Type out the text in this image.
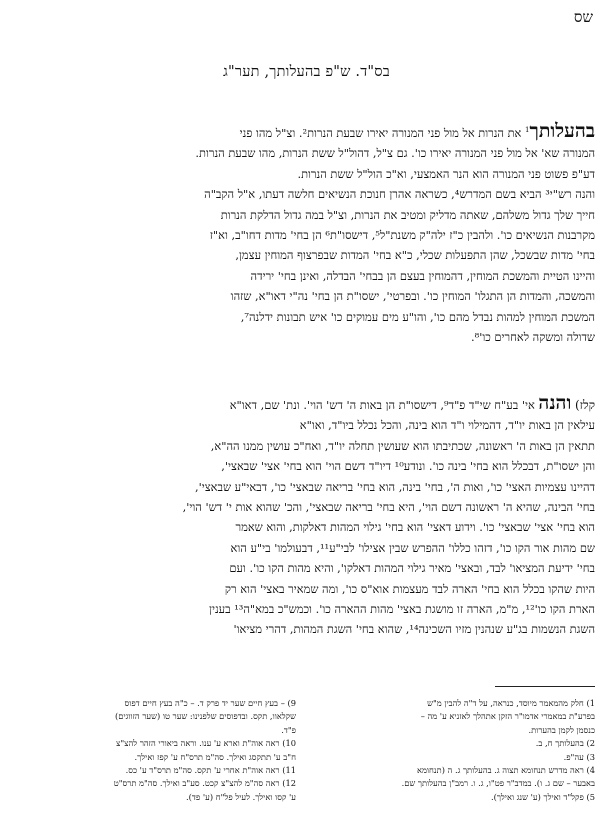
שס
בס"ד. ש"פ בהעלותך, תער"ג
בהעלותך$^1$ את הנרות אל מול פני המנורה יאירו שבעת הנרות². וצ"ל מהו פני
המנורה שא' אל מול פני המנורה יאירו כו'. גם צ"ל, דהול"ל ששת הנרות, מהו שבעת הנרות.
דע"פ פשוט פני המנורה הוא הנר האמצעי, וא"כ הול"ל ששת הנרות.
והנה רש"י³ הביא בשם המדרש⁴, כשראה אהרן חנוכת הנשיאים חלשה דעתו, א"ל הקב"ה
חייך שלך גדול משלהם, שאתה מדליק ומטיב את הנרות, וצ"ל במה גדול הדלקת הנרות
מקרבנות הנשיאים כו'. ולהבין כ"ז ילה"ק משנת"ל⁵, דישסו"ת⁶ הן בחי' מדות דחו"ב, וא"ז
בחי' מדות שבשכל, שהן התפעלות שכלי, כ"א בחי' המדות שבפרצוף המוחין עצמן,
והיינו הטיית והמשכת המוחין, דהמוחין בעצם הן בבחי' הבדלה, ואינן בחי' ירידה
והמשכה, והמדות הן התגלו' המוחין כו'. ובפרטי', ישסו"ת הן בחי' נה"י דאו"א, שזהו
המשכת המוחין למהות נבדל מהם כו', והו"ע מים עמוקים כו' איש תבונות ידלנה⁷,
שדולה ומשקה לאחרים כו'⁸.
קלז) והנה אי' בע"ח שי"ד פ"ד⁹, דישסו"ת הן באות ה' דש' הוי'. ונת' שם, דאו"א
עילאין הן באות יו"ד, דהמילוי ו"ד הוא בינה, והכל נכלל ביו"ד, ואו"א
תתאין הן באות ה' ראשונה, שכתיבתו הוא שעושין תחלה יו"ד, ואח"כ עושין ממנו הה"א,
והן ישסו"ת, דבכלל הוא בחי' בינה כו'. ונודע¹⁰ דיו"ד דשם הוי' הוא בחי' אצי' שבאצי',
דהיינו עצמיות האצי' כו', ואות ה', בחי' בינה, הוא בחי' בריאה שבאצי' כו', דבאי"ע שבאצי',
בחי' הבינה, שהיא ה' ראשונה דשם הוי', היא בחי' בריאה שבאצי', והכ' שהוא אות י' דש' הוי',
הוא בחי' אצי' שבאצי' כו'. וידוע דאצי' הוא בחי' גילוי המהות דאלקות, והוא שאמר
שם מהות אור הקו כו', דזהו כללו' ההפרש שבין אצילו' לבי"ע¹¹, דבעולמו' בי"ע הוא
בחי' ידיעת המציאו' לבד, ובאצי' מאיר גילוי המהות דאלקו', והיא מהות הקו כו'. ועם
היות שהקו בכלל הוא בחי' הארה לבד מעצמות אוא"ס כו', ומה שמאיר באצי' הוא רק
הארת הקו כו'¹², מ"מ, הארה זו מושגת באצי' מהות ההארה כו'. וכמש"כ במא"ה¹³ בענין
השגת הנשמות בג"ע שנהנין מזיו השכינה¹⁴, שהוא בחי' השגת המהות, דהרי מציאו'
1) חלק מהמאמר מיוסד, כנראה, על ד"ה להבין מ"ש
בפרע"ת במאמרי אדמו"ר הזקן אתהלך לאזניא ע' מה –
כנסמן לקמן בהערות.
2) בהעלותך ח, ב.
3) עה"פ.
4) ראה מדרש תנחומא תצוה ג. בהעלותך ג. ה (תנחומא
באבער – שם ג. ו). במדב"ר פט"ו, ג. ו. רמב"ן בהעלותך שם.
5) פקל"ד ואילך (ע' שנג ואילך).
9) – בעץ חיים שער יד פרק ד. – כ"ה בעץ חיים דפוס
שקלאוו, תקס. ובדפוסים שלפנינו: שער טו (שער הזווגים)
פ"ד.
10) ראה אוה"ת וארא ע' ענו. וראה ביאורי הזהר להצ"צ
ח"ב ע' תתקסג ואילך. סה"מ תרס"ח ע' קפז ואילך.
11) ראה אוה"ת אחרי ע' תקס. סה"מ תרס"ד ע' כס.
12) ראה סה"מ להצ"צ קכט. סע"ב ואילך. סה"מ תרס"ט
ע' קסו ואילך. לעיל פל"ח (ע' פד).
